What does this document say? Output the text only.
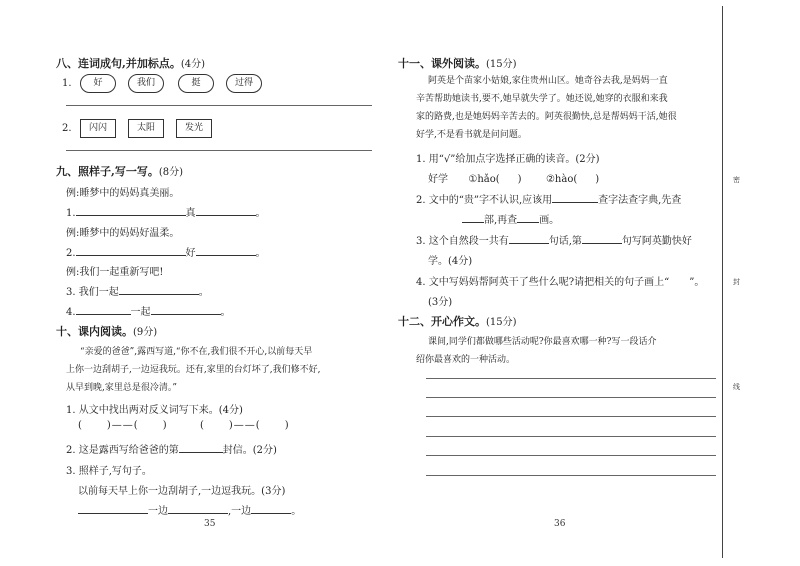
八、连词成句,并加标点。(4分)
1.	好	我们	挺	过得
2.	闪闪	太阳	发光
九、照样子,写一写。(8分)
例:睡梦中的妈妈真美丽。
1.	真	。
例:睡梦中的妈妈好温柔。
2.	好	。
例:我们一起重新写吧!
3. 我们一起	。
4.	一起	。
十、课内阅读。(9分)
“亲爱的爸爸”,露西写道,“你不在,我们很不开心,以前每天早
上你一边刮胡子,一边逗我玩。还有,家里的台灯坏了,我们修不好,
从早到晚,家里总是很冷清。”
1. 从文中找出两对反义词写下来。(4分)
( )——( )	( )——( )
2. 这是露西写给爸爸的第	封信。(2分)
3. 照样子,写句子。
以前每天早上你一边刮胡子,一边逗我玩。(3分)
一边	,一边	。
35
十一、课外阅读。(15分)
阿英是个苗家小姑娘,家住贵州山区。她奇谷去我,是妈妈一直
辛苦帮助她读书,要不,她早就失学了。她还说,她穿的衣服和来我
家的路费,也是她妈妈辛苦去的。阿英很勤快,总是帮妈妈干活,她很
好学,不是看书就是问问题。
1. 用“√”给加点字选择正确的读音。(2分)
好学 ①hǎo( ) ②hào( )
2. 文中的“贵”字不认识,应该用	查字法查字典,先查
部,再查 画。
3. 这个自然段一共有	句话,第	句写阿英勤快好
学。(4分)
4. 文中写妈妈帮阿英干了些什么呢?请把相关的句子画上“ ”。
(3分)
十二、开心作文。(15分)
课间,同学们都做哪些活动呢?你最喜欢哪一种?写一段话介
绍你最喜欢的一种活动。
36
密
封
线
